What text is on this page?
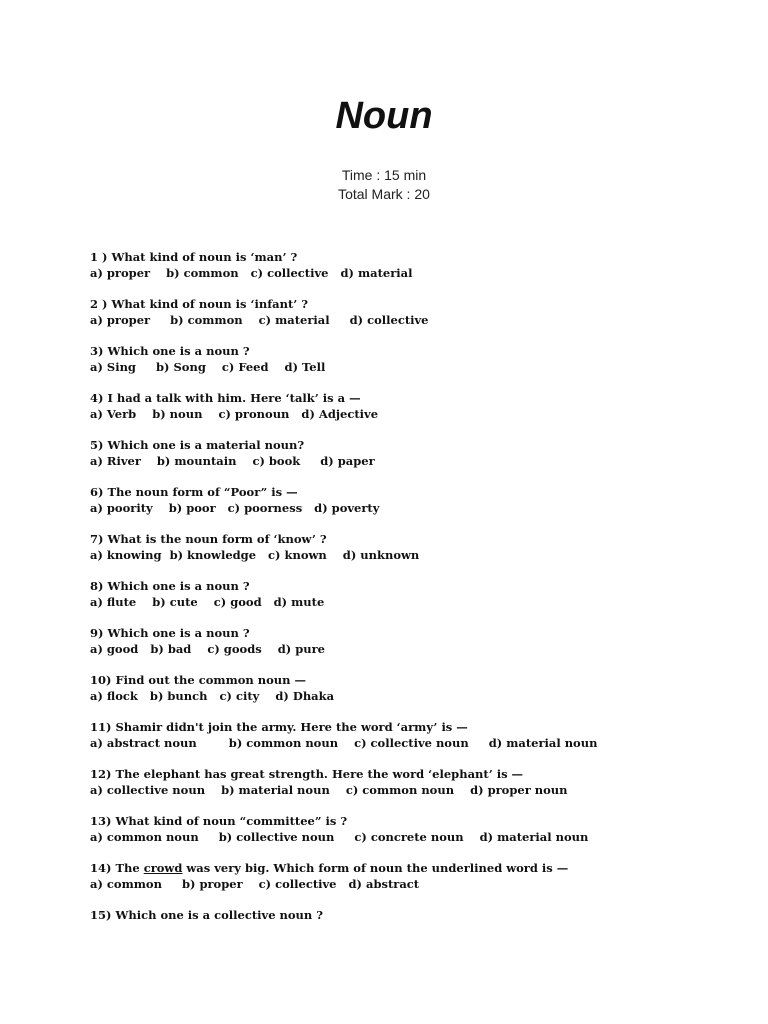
Noun
Time : 15 min
Total Mark : 20
1 ) What kind of noun is ‘man’ ?
a) proper    b) common   c) collective   d) material
2 ) What kind of noun is ‘infant’ ?
a) proper     b) common    c) material     d) collective
3) Which one is a noun ?
a) Sing     b) Song    c) Feed    d) Tell
4) I had a talk with him. Here ‘talk’ is a —
a) Verb    b) noun    c) pronoun   d) Adjective
5) Which one is a material noun?
a) River    b) mountain    c) book     d) paper
6) The noun form of “Poor” is —
a) poority    b) poor   c) poorness   d) poverty
7) What is the noun form of ‘know’ ?
a) knowing  b) knowledge   c) known    d) unknown
8) Which one is a noun ?
a) flute    b) cute    c) good   d) mute
9) Which one is a noun ?
a) good   b) bad    c) goods    d) pure
10) Find out the common noun —
a) flock   b) bunch   c) city    d) Dhaka
11) Shamir didn't join the army. Here the word ‘army’ is —
a) abstract noun        b) common noun    c) collective noun     d) material noun
12) The elephant has great strength. Here the word ‘elephant’ is —
a) collective noun    b) material noun    c) common noun    d) proper noun
13) What kind of noun “committee” is ?
a) common noun     b) collective noun     c) concrete noun    d) material noun
14) The crowd was very big. Which form of noun the underlined word is —
a) common     b) proper    c) collective   d) abstract
15) Which one is a collective noun ?
